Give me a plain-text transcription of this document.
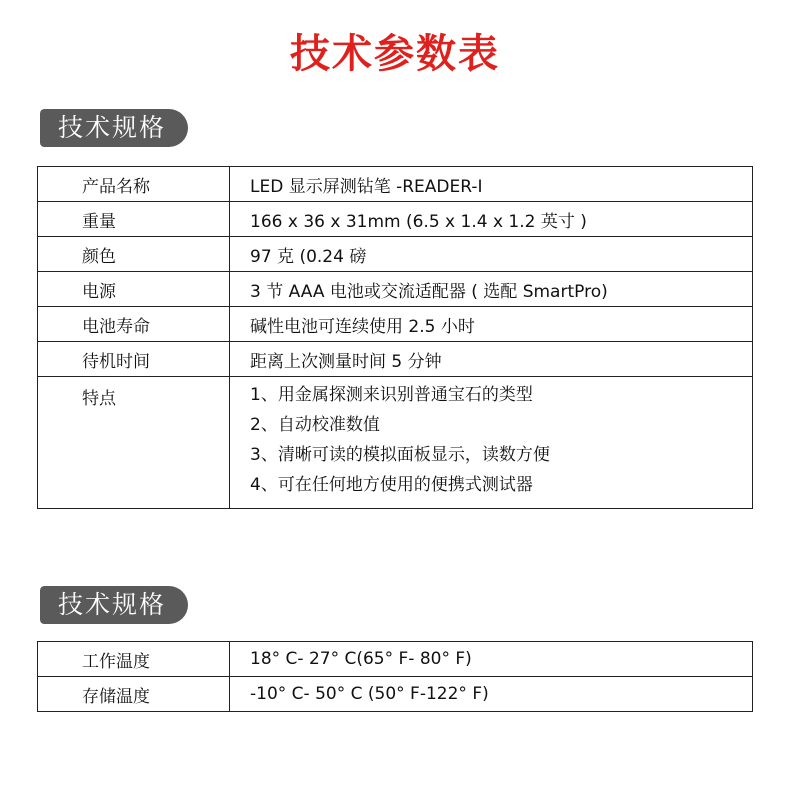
技术参数表
技术规格
产品名称	LED 显示屏测钻笔 -READER-I
重量	166 x 36 x 31mm (6.5 x 1.4 x 1.2 英寸 )
颜色	97 克 (0.24 磅
电源	3 节 AAA 电池或交流适配器 ( 选配 SmartPro)
电池寿命	碱性电池可连续使用 2.5 小时
待机时间	距离上次测量时间 5 分钟
特点	1、用金属探测来识别普通宝石的类型
2、自动校准数值
3、清晰可读的模拟面板显示，读数方便
4、可在任何地方使用的便携式测试器
技术规格
工作温度	18° C- 27° C(65° F- 80° F)
存储温度	-10° C- 50° C (50° F-122° F)
